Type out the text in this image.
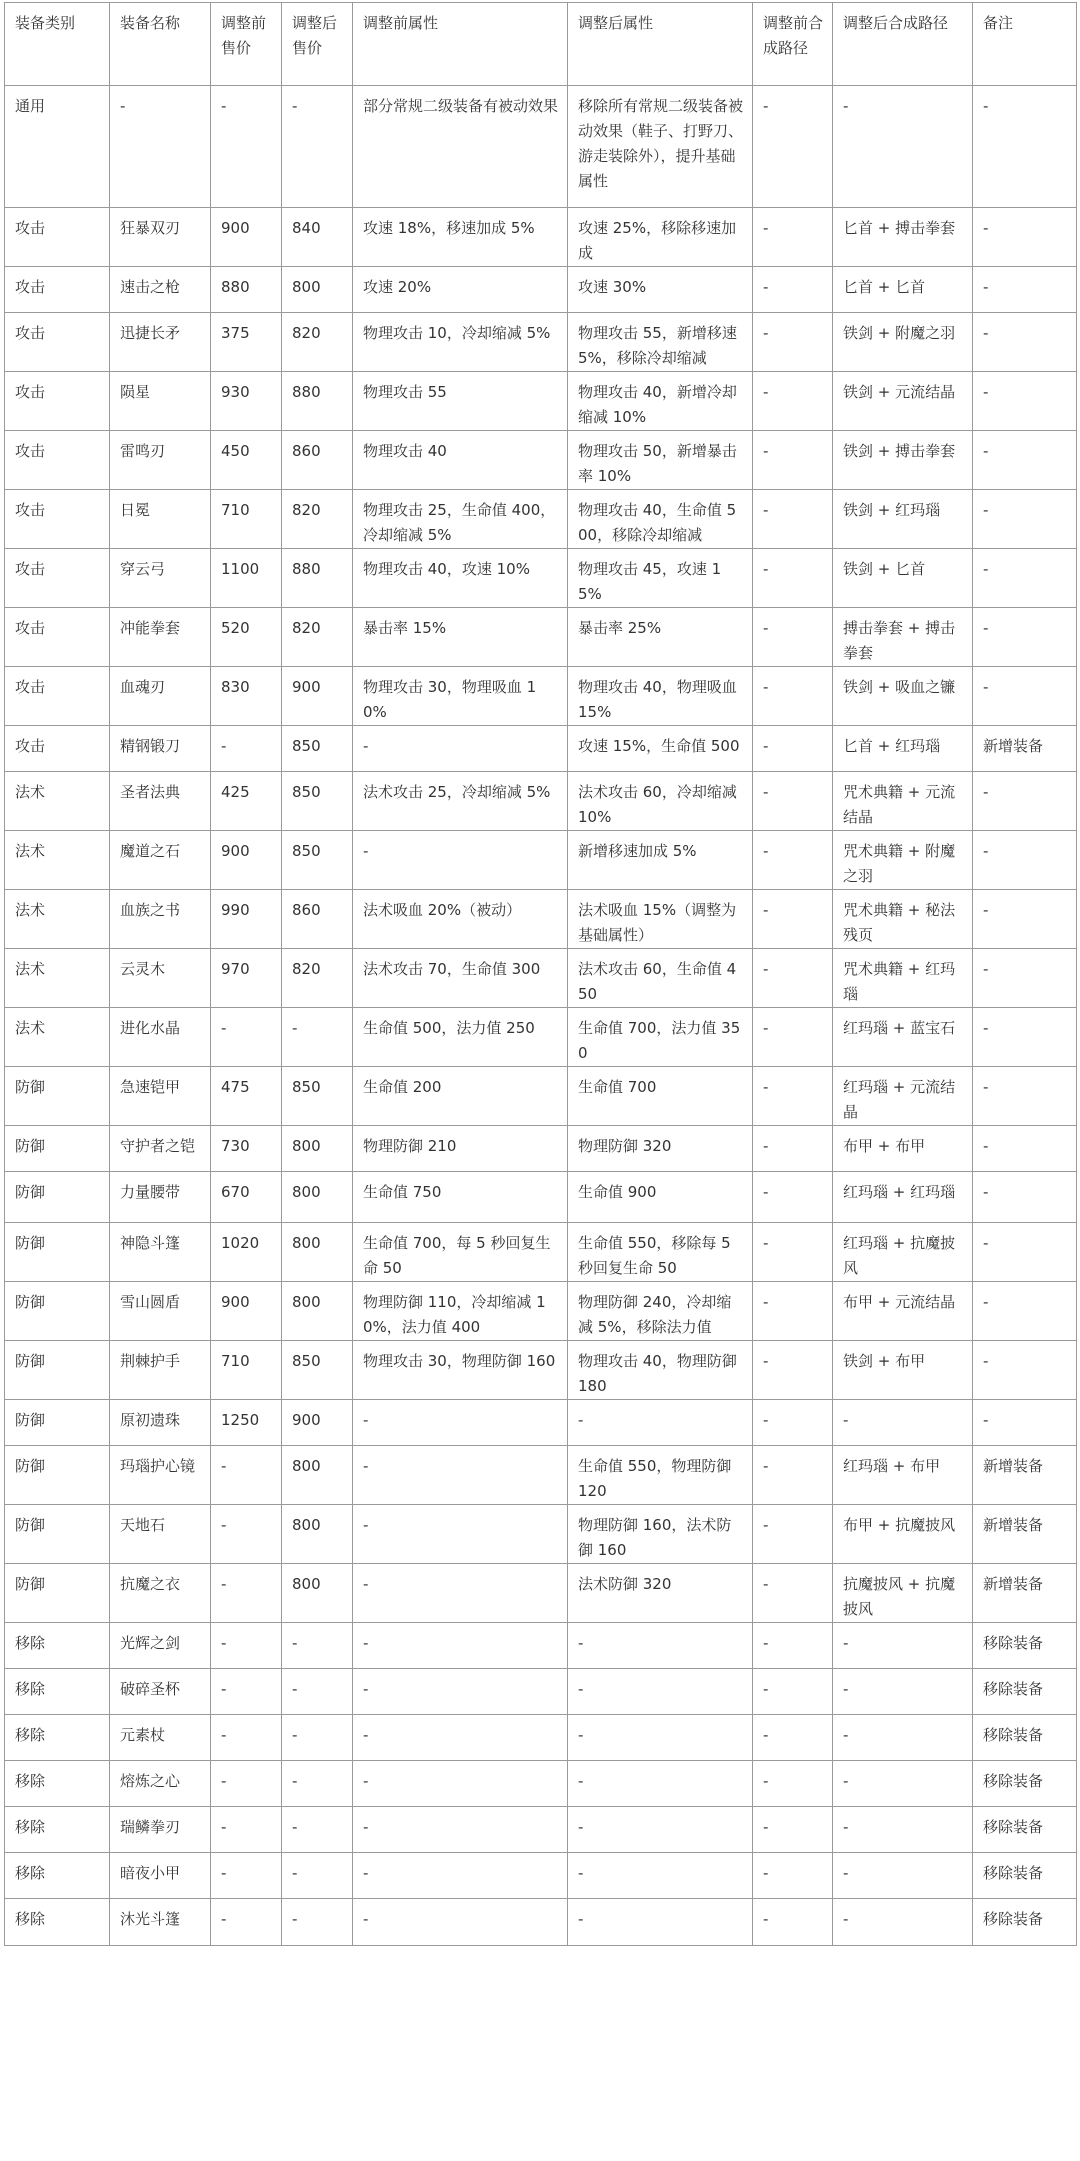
装备类别	装备名称	调整前售价	调整后售价	调整前属性	调整后属性	调整前合成路径	调整后合成路径	备注
通用	-	-	-	部分常规二级装备有被动效果	移除所有常规二级装备被动效果（鞋子、打野刀、游走装除外），提升基础属性	-	-	-
攻击	狂暴双刃	900	840	攻速 18%，移速加成 5%	攻速 25%，移除移速加成	-	匕首 + 搏击拳套	-
攻击	速击之枪	880	800	攻速 20%	攻速 30%	-	匕首 + 匕首	-
攻击	迅捷长矛	375	820	物理攻击 10，冷却缩减 5%	物理攻击 55，新增移速 5%，移除冷却缩减	-	铁剑 + 附魔之羽	-
攻击	陨星	930	880	物理攻击 55	物理攻击 40，新增冷却缩减 10%	-	铁剑 + 元流结晶	-
攻击	雷鸣刃	450	860	物理攻击 40	物理攻击 50，新增暴击率 10%	-	铁剑 + 搏击拳套	-
攻击	日冕	710	820	物理攻击 25，生命值 400，冷却缩减 5%	物理攻击 40，生命值 500，移除冷却缩减	-	铁剑 + 红玛瑙	-
攻击	穿云弓	1100	880	物理攻击 40，攻速 10%	物理攻击 45，攻速 15%	-	铁剑 + 匕首	-
攻击	冲能拳套	520	820	暴击率 15%	暴击率 25%	-	搏击拳套 + 搏击拳套	-
攻击	血魂刃	830	900	物理攻击 30，物理吸血 10%	物理攻击 40，物理吸血 15%	-	铁剑 + 吸血之镰	-
攻击	精钢锻刀	-	850	-	攻速 15%，生命值 500	-	匕首 + 红玛瑙	新增装备
法术	圣者法典	425	850	法术攻击 25，冷却缩减 5%	法术攻击 60，冷却缩减 10%	-	咒术典籍 + 元流结晶	-
法术	魔道之石	900	850	-	新增移速加成 5%	-	咒术典籍 + 附魔之羽	-
法术	血族之书	990	860	法术吸血 20%（被动）	法术吸血 15%（调整为基础属性）	-	咒术典籍 + 秘法残页	-
法术	云灵木	970	820	法术攻击 70，生命值 300	法术攻击 60，生命值 450	-	咒术典籍 + 红玛瑙	-
法术	进化水晶	-	-	生命值 500，法力值 250	生命值 700，法力值 350	-	红玛瑙 + 蓝宝石	-
防御	急速铠甲	475	850	生命值 200	生命值 700	-	红玛瑙 + 元流结晶	-
防御	守护者之铠	730	800	物理防御 210	物理防御 320	-	布甲 + 布甲	-
防御	力量腰带	670	800	生命值 750	生命值 900	-	红玛瑙 + 红玛瑙	-
防御	神隐斗篷	1020	800	生命值 700，每 5 秒回复生命 50	生命值 550，移除每 5 秒回复生命 50	-	红玛瑙 + 抗魔披风	-
防御	雪山圆盾	900	800	物理防御 110，冷却缩减 10%，法力值 400	物理防御 240，冷却缩减 5%，移除法力值	-	布甲 + 元流结晶	-
防御	荆棘护手	710	850	物理攻击 30，物理防御 160	物理攻击 40，物理防御 180	-	铁剑 + 布甲	-
防御	原初遗珠	1250	900	-	-	-	-	-
防御	玛瑙护心镜	-	800	-	生命值 550，物理防御 120	-	红玛瑙 + 布甲	新增装备
防御	天地石	-	800	-	物理防御 160，法术防御 160	-	布甲 + 抗魔披风	新增装备
防御	抗魔之衣	-	800	-	法术防御 320	-	抗魔披风 + 抗魔披风	新增装备
移除	光辉之剑	-	-	-	-	-	-	移除装备
移除	破碎圣杯	-	-	-	-	-	-	移除装备
移除	元素杖	-	-	-	-	-	-	移除装备
移除	熔炼之心	-	-	-	-	-	-	移除装备
移除	瑞鳞拳刃	-	-	-	-	-	-	移除装备
移除	暗夜小甲	-	-	-	-	-	-	移除装备
移除	沐光斗篷	-	-	-	-	-	-	移除装备
